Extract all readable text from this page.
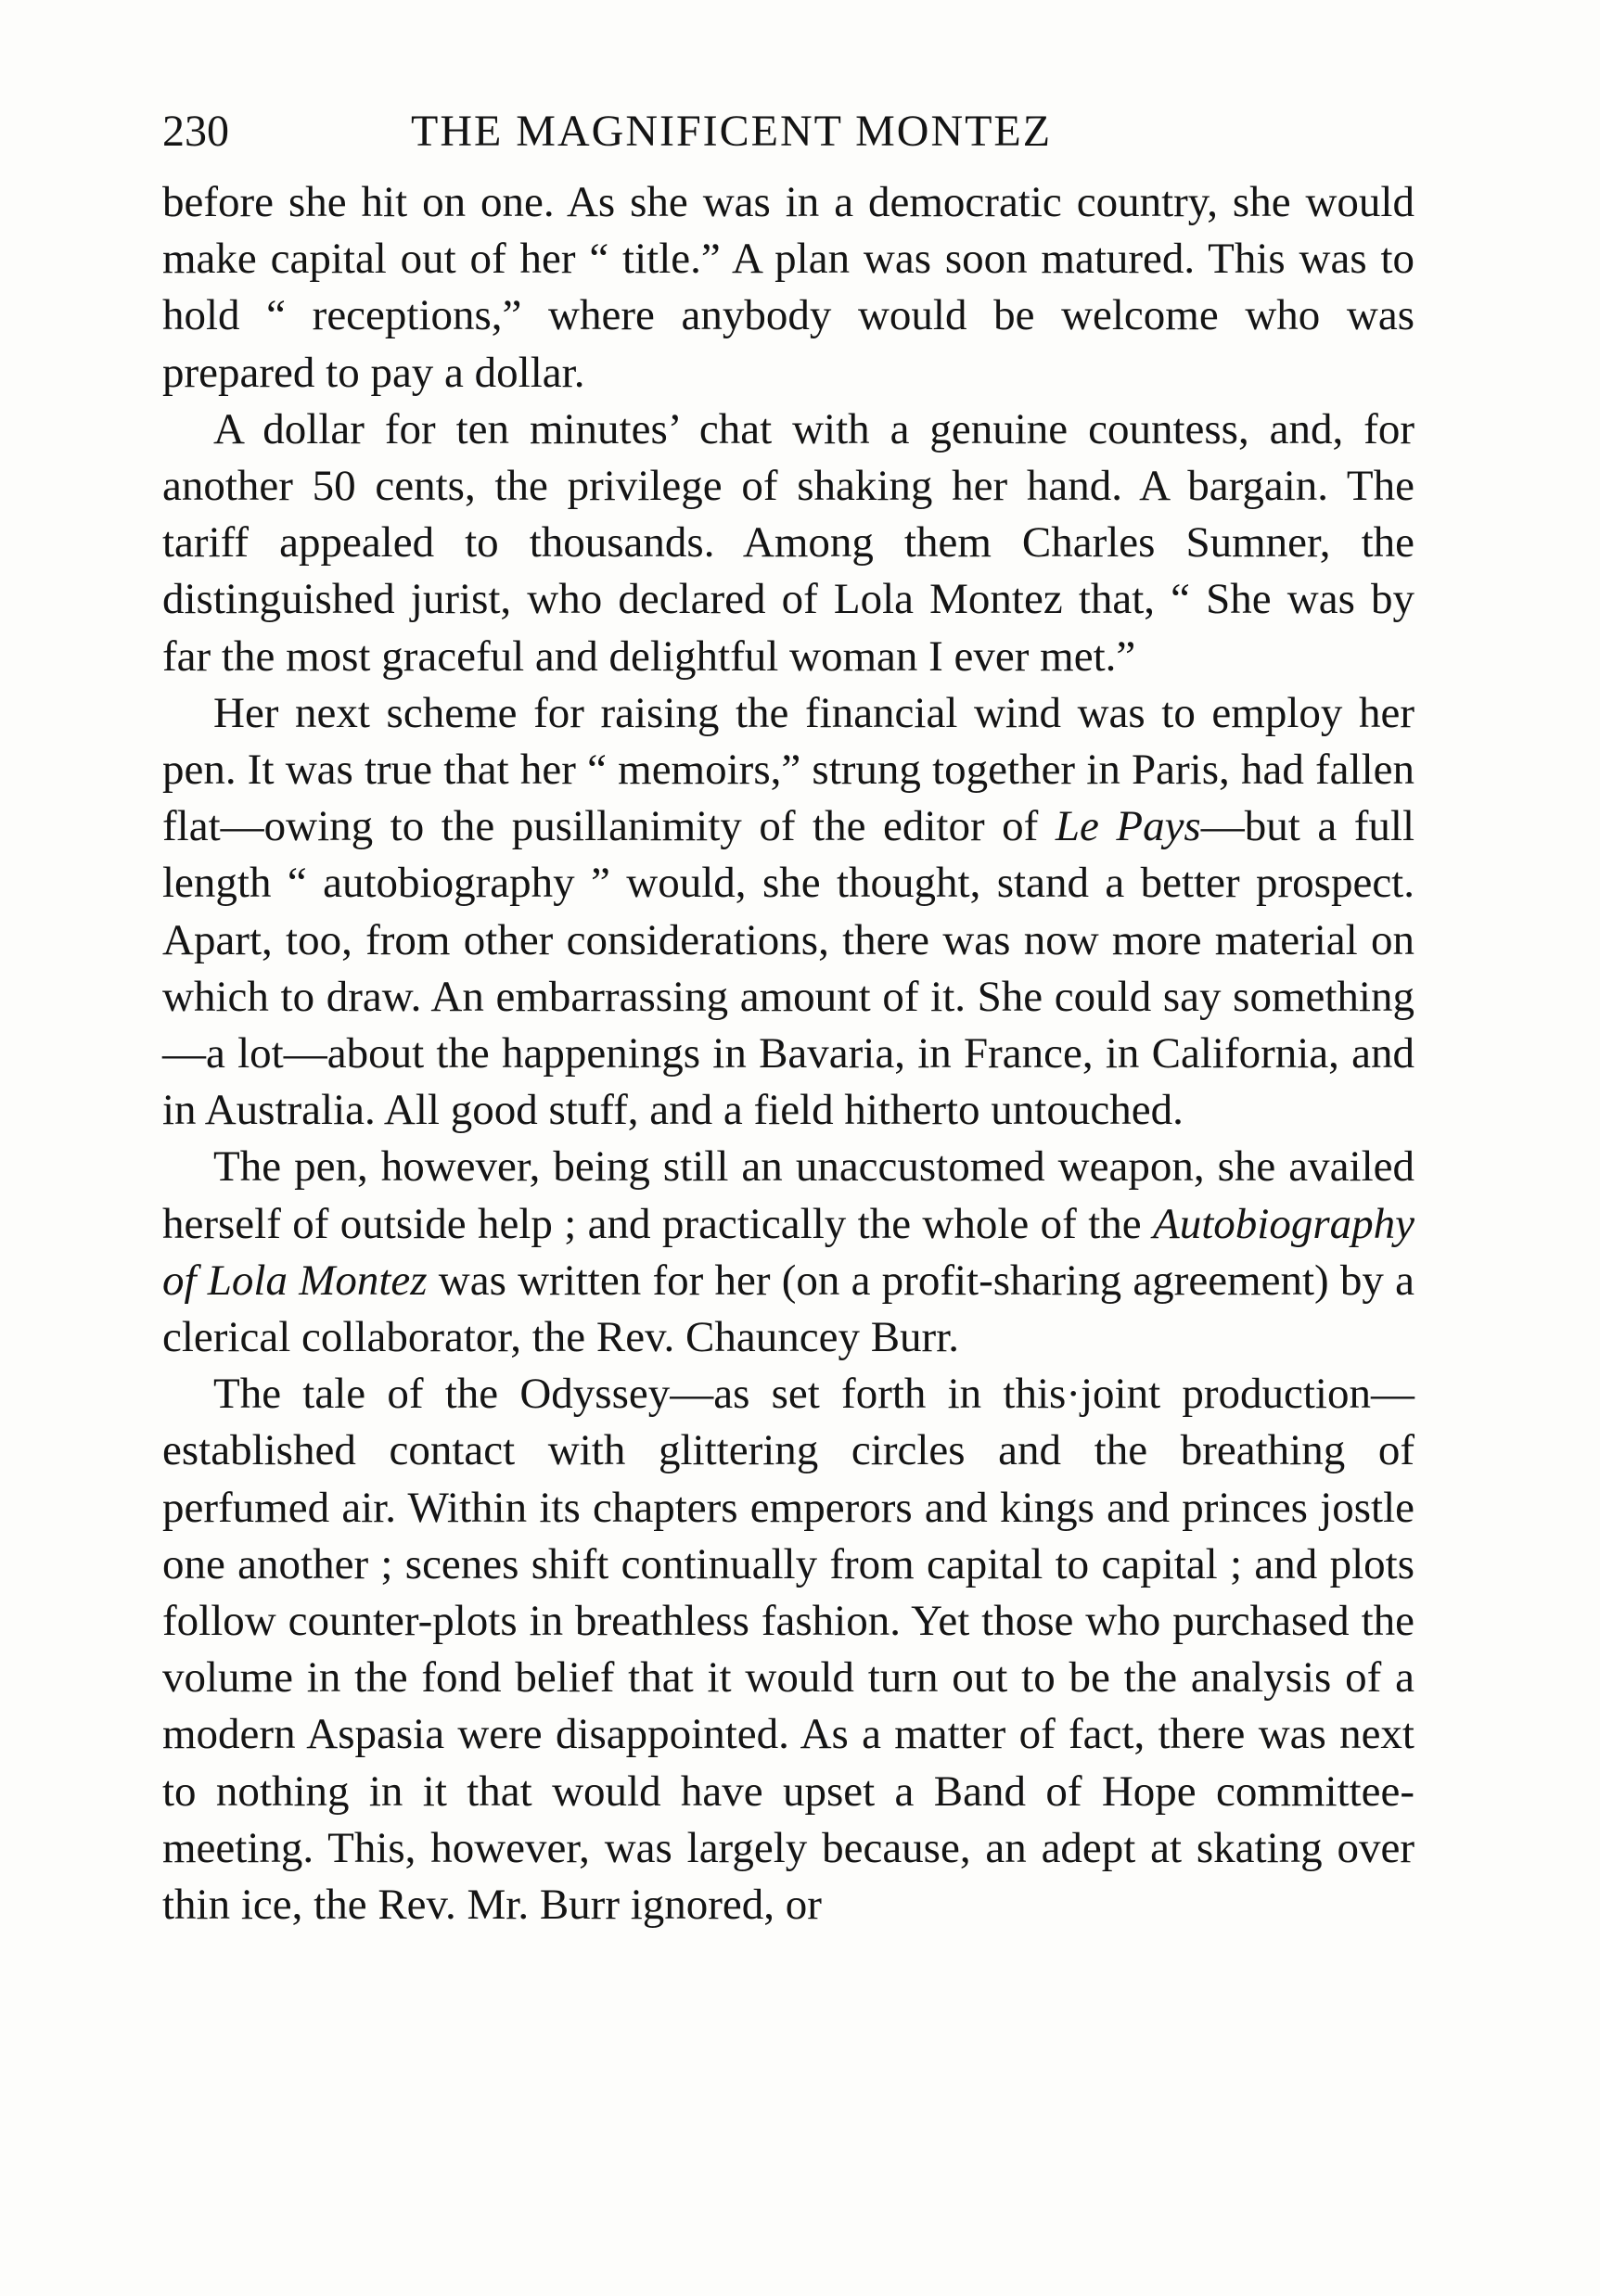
230	THE MAGNIFICENT MONTEZ

before she hit on one. As she was in a democratic country, she would make capital out of her “ title.” A plan was soon matured. This was to hold “ receptions,” where anybody would be welcome who was prepared to pay a dollar.

A dollar for ten minutes’ chat with a genuine countess, and, for another 50 cents, the privilege of shaking her hand. A bargain. The tariff appealed to thousands. Among them Charles Sumner, the distinguished jurist, who declared of Lola Montez that, “ She was by far the most graceful and delightful woman I ever met.”

Her next scheme for raising the financial wind was to employ her pen. It was true that her “ memoirs,” strung together in Paris, had fallen flat—owing to the pusillanimity of the editor of Le Pays—but a full length “ autobiography ” would, she thought, stand a better prospect. Apart, too, from other considerations, there was now more material on which to draw. An embarrassing amount of it. She could say something—a lot—about the happenings in Bavaria, in France, in California, and in Australia. All good stuff, and a field hitherto untouched.

The pen, however, being still an unaccustomed weapon, she availed herself of outside help ; and practically the whole of the Autobiography of Lola Montez was written for her (on a profit-sharing agreement) by a clerical collaborator, the Rev. Chauncey Burr.

The tale of the Odyssey—as set forth in this·joint production—established contact with glittering circles and the breathing of perfumed air. Within its chapters emperors and kings and princes jostle one another ; scenes shift continually from capital to capital ; and plots follow counter-plots in breathless fashion. Yet those who purchased the volume in the fond belief that it would turn out to be the analysis of a modern Aspasia were disappointed. As a matter of fact, there was next to nothing in it that would have upset a Band of Hope committee-meeting. This, however, was largely because, an adept at skating over thin ice, the Rev. Mr. Burr ignored, or
